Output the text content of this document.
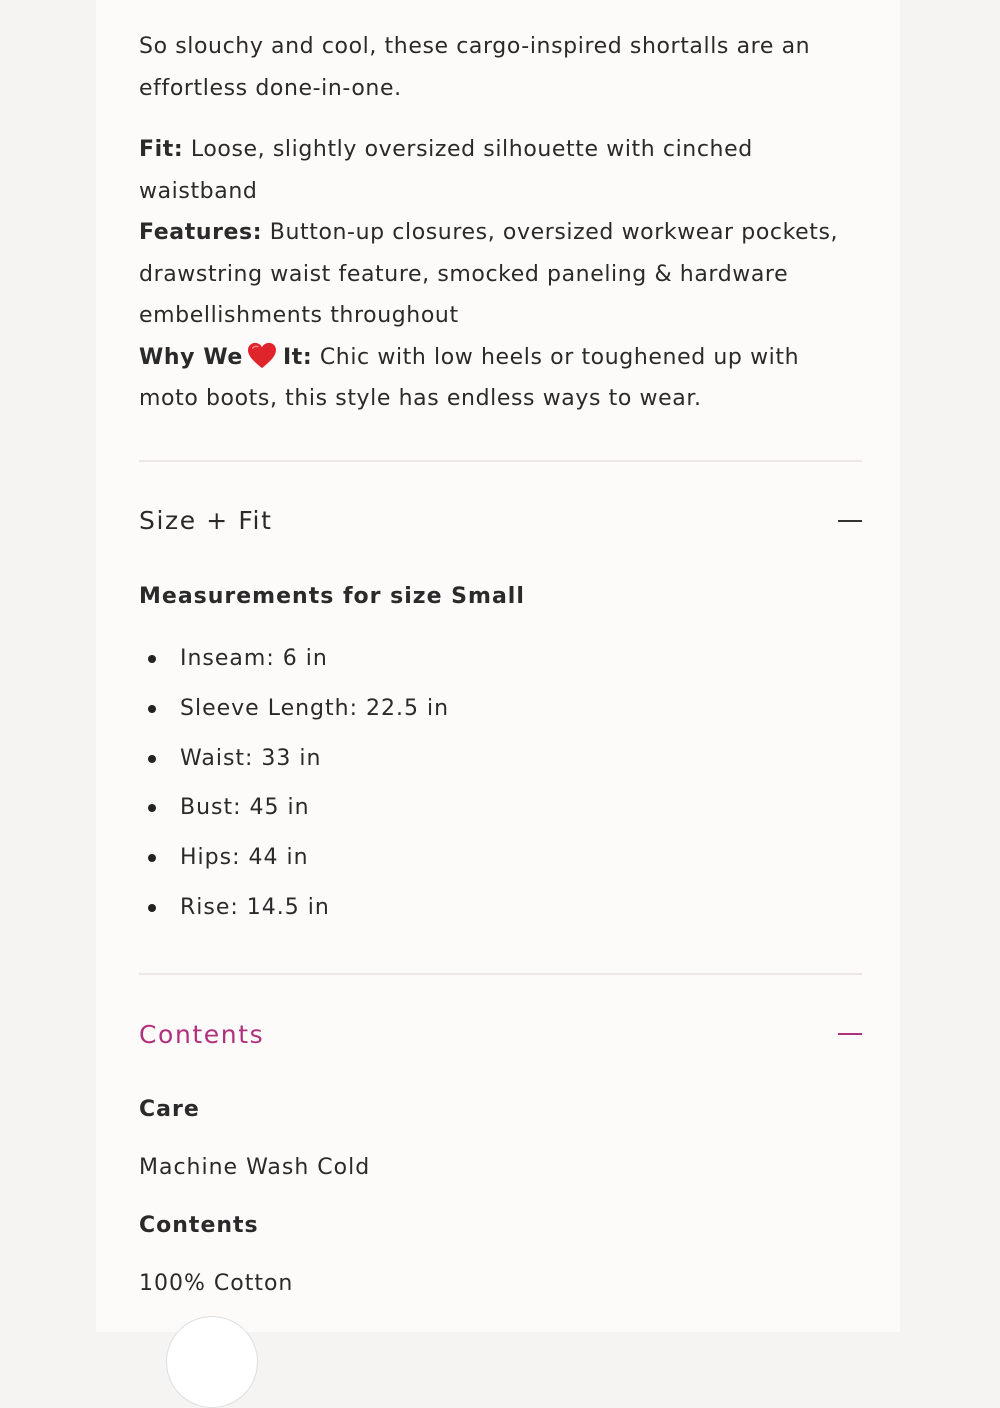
So slouchy and cool, these cargo-inspired shortalls are an effortless done-in-one.

Fit: Loose, slightly oversized silhouette with cinched waistband
Features: Button-up closures, oversized workwear pockets, drawstring waist feature, smocked paneling & hardware embellishments throughout
Why We It: Chic with low heels or toughened up with moto boots, this style has endless ways to wear.

Size + Fit
Measurements for size Small
Inseam: 6 in
Sleeve Length: 22.5 in
Waist: 33 in
Bust: 45 in
Hips: 44 in
Rise: 14.5 in
Contents
Care
Machine Wash Cold
Contents
100% Cotton
